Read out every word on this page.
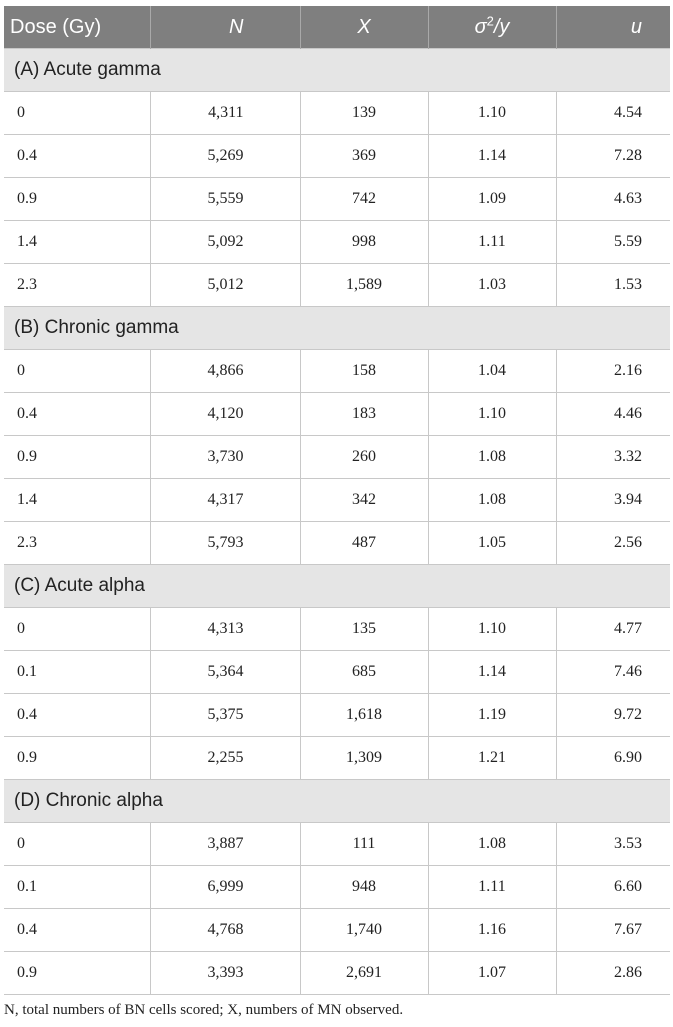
Dose (Gy)	N	X	$\sigma^2/y$	u
(A) Acute gamma				
0	4,311	139	1.10	4.54
0.4	5,269	369	1.14	7.28
0.9	5,559	742	1.09	4.63
1.4	5,092	998	1.11	5.59
2.3	5,012	1,589	1.03	1.53
(B) Chronic gamma				
0	4,866	158	1.04	2.16
0.4	4,120	183	1.10	4.46
0.9	3,730	260	1.08	3.32
1.4	4,317	342	1.08	3.94
2.3	5,793	487	1.05	2.56
(C) Acute alpha				
0	4,313	135	1.10	4.77
0.1	5,364	685	1.14	7.46
0.4	5,375	1,618	1.19	9.72
0.9	2,255	1,309	1.21	6.90
(D) Chronic alpha				
0	3,887	111	1.08	3.53
0.1	6,999	948	1.11	6.60
0.4	4,768	1,740	1.16	7.67
0.9	3,393	2,691	1.07	2.86
N, total numbers of BN cells scored; X, numbers of MN observed.
